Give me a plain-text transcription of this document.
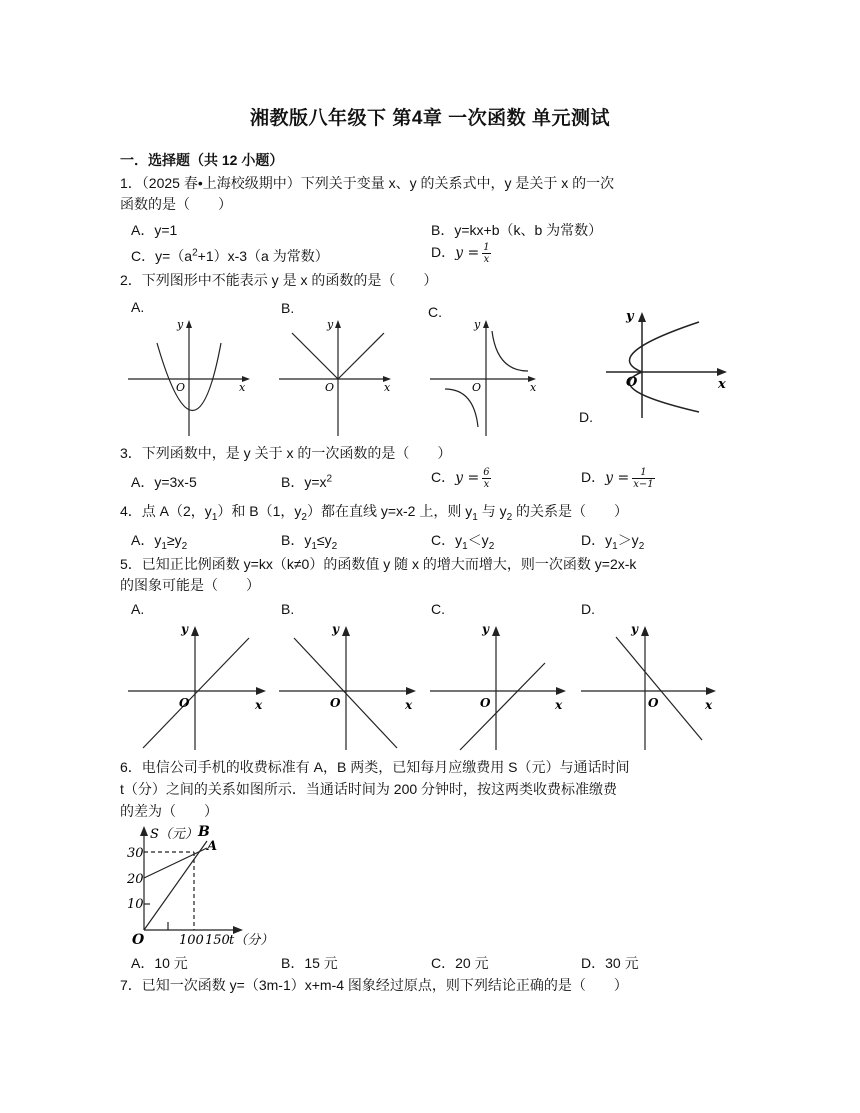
湘教版八年级下 第4章 一次函数 单元测试
一．选择题（共 12 小题）
1．（2025 春•上海校级期中）下列关于变量 x、y 的关系式中，y 是关于 x 的一次
函数的是（　　）
A．y=1	B．y=kx+b（k、b 为常数）
C．$y=(a^2+1)x-3(a$ 为常数）	D．$y = \frac{1}{x}$
2．下列图形中不能表示 y 是 x 的函数的是（　　）
A.	B.	C.
D.
y
x
O
y
x
O
y
x
O
y
x
O
3．下列函数中，是 y 关于 x 的一次函数的是（　　）
A．y=3x-5	B．$y=x^2$	C．$y = \frac{6}{x}$	D．$y = \frac{1}{x-1}$
4．点 A（2，$y_1$）和 B（1，$y_2$）都在直线 y=x-2 上，则 $y_1$ 与 $y_2$ 的关系是（　　）
A．$y_1\ge y_2$	B．$y_1\le y_2$	C．$y_1<y_2$	D．$y_1>y_2$
5．已知正比例函数 y=kx（k≠0）的函数值 y 随 x 的增大而增大，则一次函数 y=2x-k
的图象可能是（　　）
A.	B.	C.	D.
y
x
O
y
x
O
y
x
O
y
x
O
6．电信公司手机的收费标准有 A，B 两类，已知每月应缴费用 S（元）与通话时间
t（分）之间的关系如图所示．当通话时间为 200 分钟时，按这两类收费标准缴费
的差为（　　）
S（元） B
A
10
20
30
O	100 150 t（分）
A．10 元	B．15 元	C．20 元	D．30 元
7．已知一次函数 y=（3m-1）x+m-4 图象经过原点，则下列结论正确的是（　　）
